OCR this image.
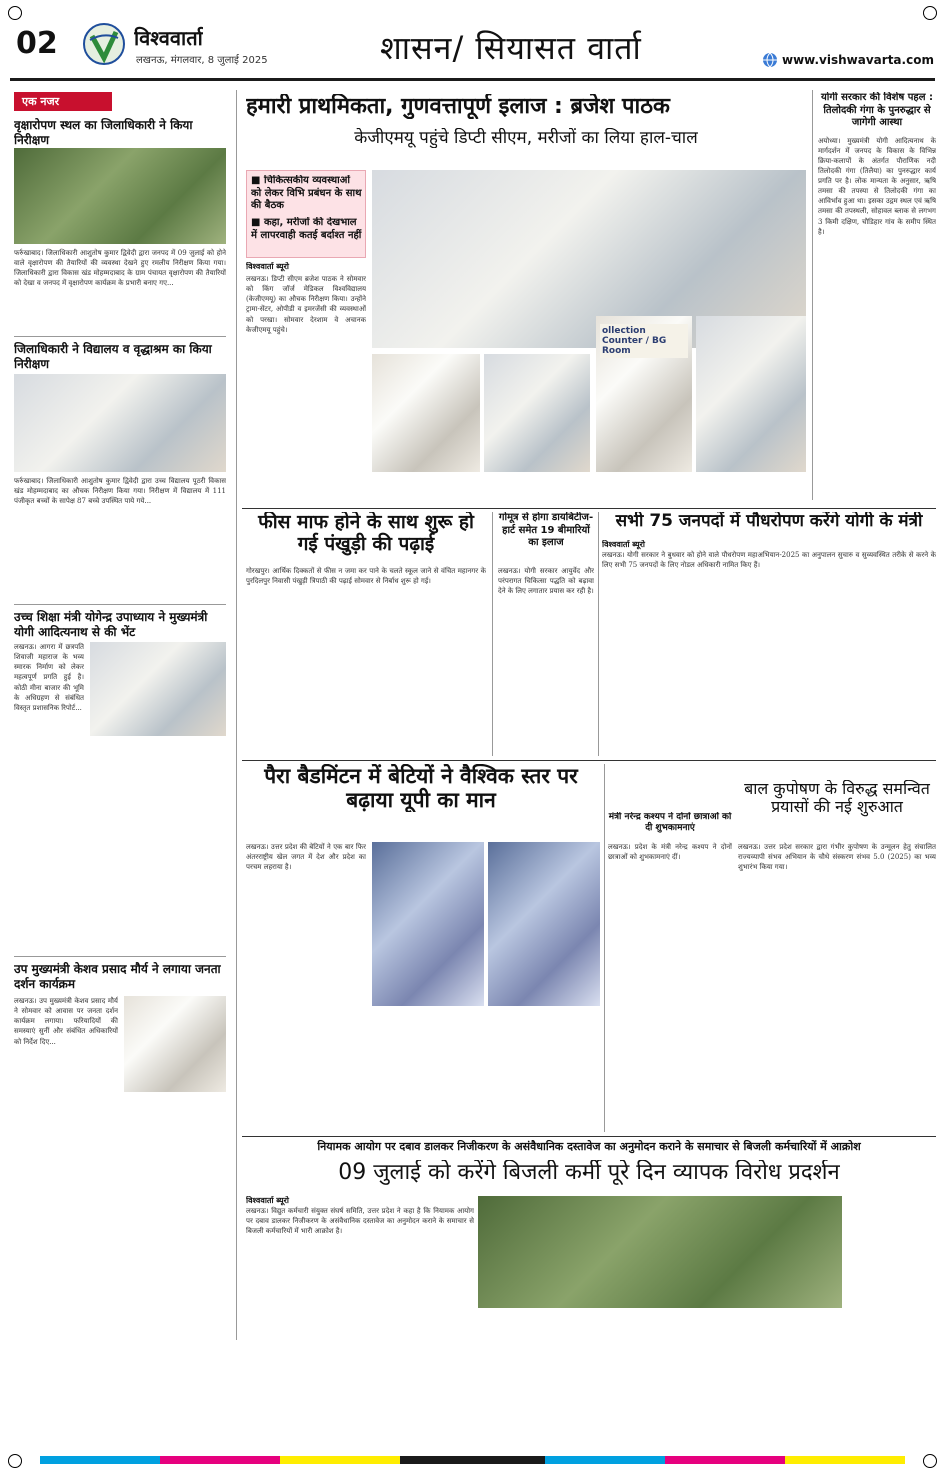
02	विश्ववार्ता
लखनऊ, मंगलवार, 8 जुलाई 2025	शासन/ सियासत वार्ता	www.vishwavarta.com
एक नजर
वृक्षारोपण स्थल का जिलाधिकारी ने किया निरीक्षण
फर्रुखाबाद। जिलाधिकारी आशुतोष कुमार द्विवेदी द्वारा जनपद में 09 जुलाई को होने वाले वृक्षारोपण की तैयारियों की व्यवस्था देखने हुए रमलीय निरीक्षण किया गया। जिलाधिकारी द्वारा विकास खंड मोहम्मदाबाद के ग्राम पंचायत वृक्षारोपण की तैयारियों को देखा व जनपद में वृक्षारोपण कार्यक्रम के प्रभारी बनाए गए...
जिलाधिकारी ने विद्यालय व वृद्धाश्रम का किया निरीक्षण
फर्रुखाबाद। जिलाधिकारी आशुतोष कुमार द्विवेदी द्वारा उच्च विद्यालय पूठरी विकास खंड मोहम्मदाबाद का औचक निरीक्षण किया गया। निरीक्षण में विद्यालय में 111 पंजीकृत बच्चों के सापेक्ष 87 बच्चे उपस्थित पाये गये...
उच्च शिक्षा मंत्री योगेन्द्र उपाध्याय ने मुख्यमंत्री योगी आदित्यनाथ से की भेंट
लखनऊ। आगरा में छत्रपति शिवाजी महाराज के भव्य स्मारक निर्माण को लेकर महत्वपूर्ण प्रगति हुई है। कोठी मीना बाजार की भूमि के अधिग्रहण से संबंधित विस्तृत प्रशासनिक रिपोर्ट...
उप मुख्यमंत्री केशव प्रसाद मौर्य ने लगाया जनता दर्शन कार्यक्रम
लखनऊ। उप मुख्यमंत्री केशव प्रसाद मौर्य ने सोमवार को आवास पर जनता दर्शन कार्यक्रम लगाया। फरियादियों की समस्याएं सुनीं और संबंधित अधिकारियों को निर्देश दिए...
हमारी प्राथमिकता, गुणवत्तापूर्ण इलाज : ब्रजेश पाठक
केजीएमयू पहुंचे डिप्टी सीएम, मरीजों का लिया हाल-चाल
■ चिकित्सकीय व्यवस्थाओं को लेकर विभि प्रबंधन के साथ की बैठक
■ कहा, मरीजों की देखभाल में लापरवाही कतई बर्दाश्त नहीं
विश्ववार्ता ब्यूरो
लखनऊ। डिप्टी सीएम ब्रजेश पाठक ने सोमवार को किंग जॉर्ज मेडिकल विश्वविद्यालय (केजीएमयू) का औचक निरीक्षण किया। उन्होंने ट्रामा-सेंटर, ओपीडी व इमरजेंसी की व्यवस्थाओं को परखा। सोमवार देरशाम वे अचानक केजीएमयू पहुंचे।	ollection Counter / BG Room
योगी सरकार की विशेष पहल : तिलोदकी गंगा के पुनरुद्धार से जागेगी आस्था
अयोध्या। मुख्यमंत्री योगी आदित्यनाथ के मार्गदर्शन में जनपद के विकास के विभिन्न क्रिया-कलापों के अंतर्गत पौराणिक नदी तिलोदकी गंगा (तिलैया) का पुनरुद्धार कार्य प्रगति पर है। लोक मान्यता के अनुसार, ऋषि तमसा की तपस्या से तिलोदकी गंगा का आविर्भाव हुआ था। इसका उद्गम स्थल एवं ऋषि तमसा की तपस्थली, सोहावल ब्लाक से लगभग 3 किमी दक्षिण, चौडिहार गांव के समीप स्थित है।
फीस माफ होने के साथ शुरू हो गई पंखुड़ी की पढ़ाई
गोरखपुर। आर्थिक दिक्कतों से फीस न जमा कर पाने के चलते स्कूल जाने से वंचित महानगर के पुरदिलपुर निवासी पंखुड़ी त्रिपाठी की पढ़ाई सोमवार से निर्बाध शुरू हो गई।
गोमूत्र से होगा डायबिटीज-हार्ट समेत 19 बीमारियों का इलाज
लखनऊ। योगी सरकार आयुर्वेद और परंपरागत चिकित्सा पद्धति को बढ़ावा देने के लिए लगातार प्रयास कर रही है।
सभी 75 जनपदों में पौधरोपण करेंगे योगी के मंत्री
विश्ववार्ता ब्यूरो
लखनऊ। योगी सरकार ने बुधवार को होने वाले पौधरोपण महाअभियान-2025 का अनुपालन सुचारु व सुव्यवस्थित तरीके से करने के लिए सभी 75 जनपदों के लिए नोडल अधिकारी नामित किए हैं।
पैरा बैडमिंटन में बेटियों ने वैश्विक स्तर पर बढ़ाया यूपी का मान
लखनऊ। उत्तर प्रदेश की बेटियों ने एक बार फिर अंतरराष्ट्रीय खेल जगत में देश और प्रदेश का परचम लहराया है।
मंत्री नरेन्द्र कश्यप ने दोनों छात्राओं को दी शुभकामनाएं
लखनऊ। प्रदेश के मंत्री नरेन्द्र कश्यप ने दोनों छात्राओं को शुभकामनाएं दीं।
बाल कुपोषण के विरुद्ध समन्वित प्रयासों की नई शुरुआत
लखनऊ। उत्तर प्रदेश सरकार द्वारा गंभीर कुपोषण के उन्मूलन हेतु संचालित राज्यव्यापी संभव अभियान के चौथे संस्करण संभव 5.0 (2025) का भव्य शुभारंभ किया गया।
नियामक आयोग पर दबाव डालकर निजीकरण के असंवैधानिक दस्तावेज का अनुमोदन कराने के समाचार से बिजली कर्मचारियों में आक्रोश
09 जुलाई को करेंगे बिजली कर्मी पूरे दिन व्यापक विरोध प्रदर्शन
विश्ववार्ता ब्यूरो
लखनऊ। विद्युत कर्मचारी संयुक्त संघर्ष समिति, उत्तर प्रदेश ने कहा है कि नियामक आयोग पर दबाव डालकर निजीकरण के असंवैधानिक दस्तावेज का अनुमोदन कराने के समाचार से बिजली कर्मचारियों में भारी आक्रोश है।
